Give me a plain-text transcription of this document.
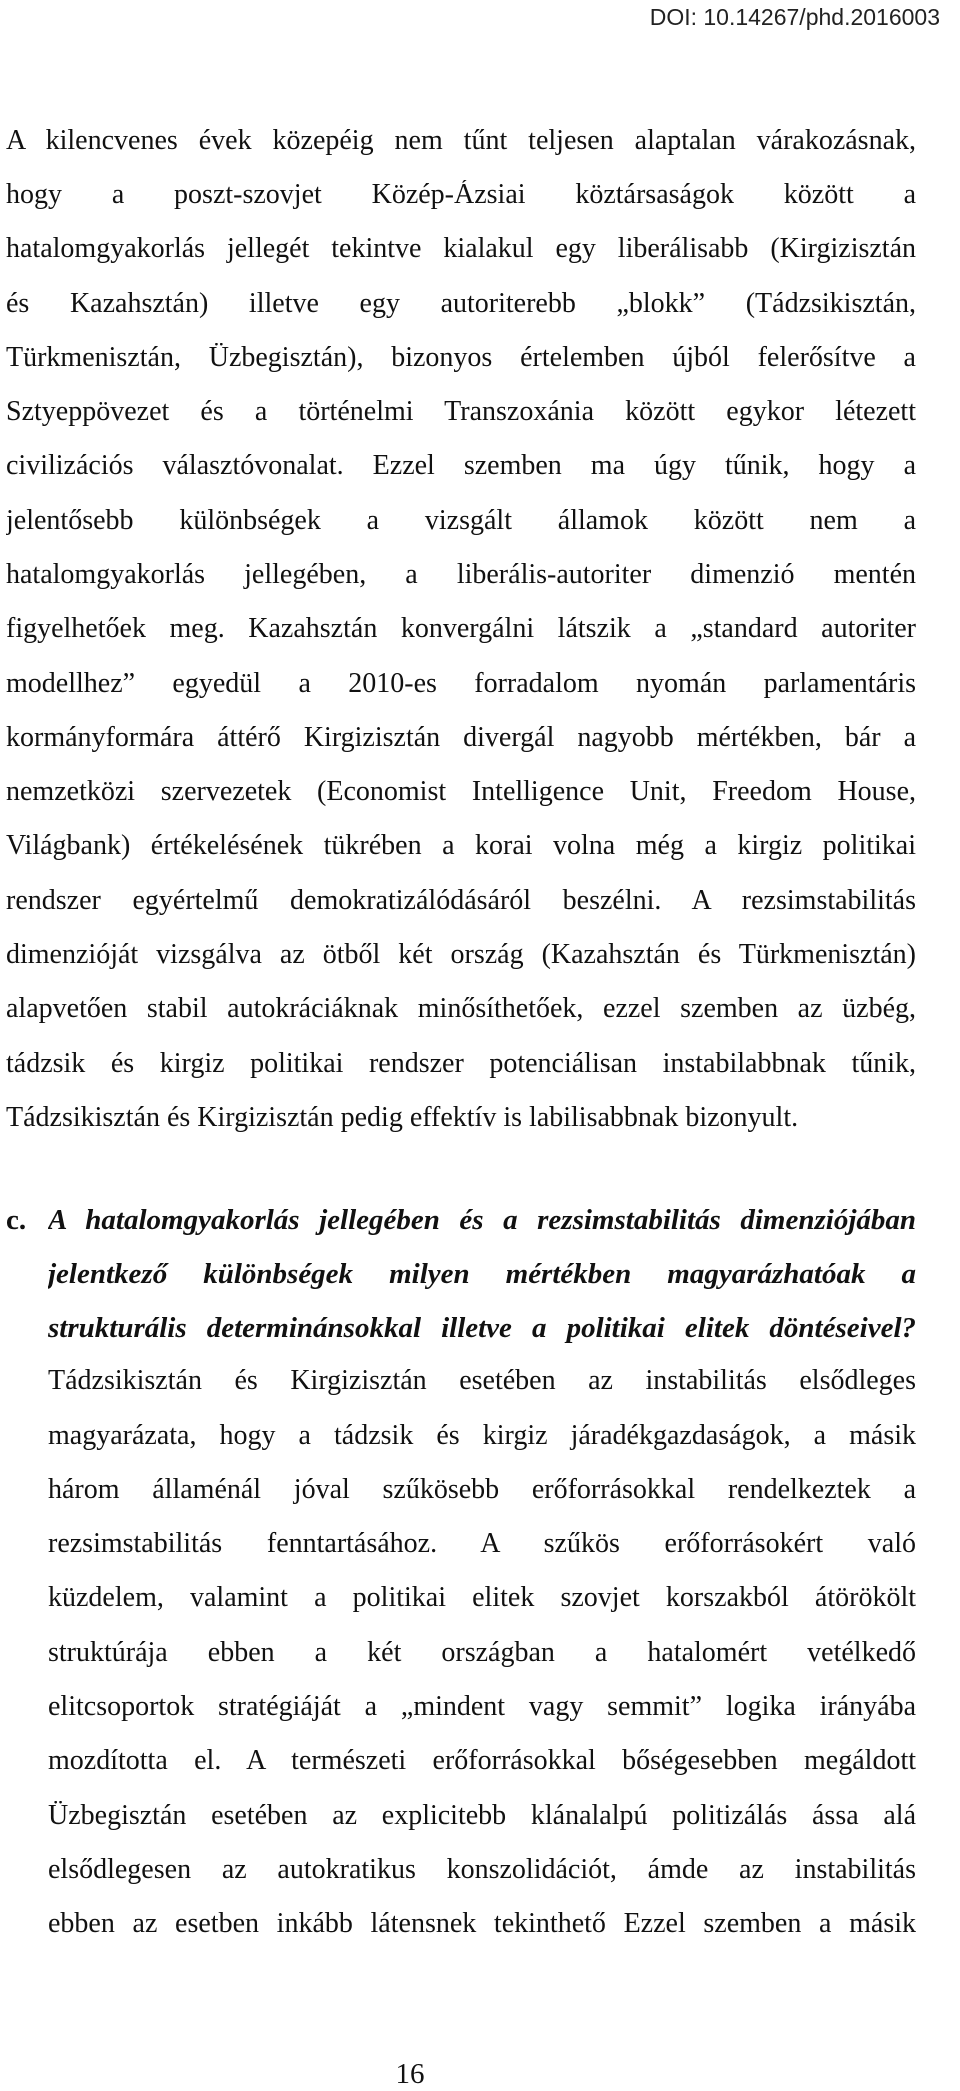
DOI: 10.14267/phd.2016003

A kilencvenes évek közepéig nem tűnt teljesen alaptalan várakozásnak,

hogy a poszt-szovjet Közép-Ázsiai köztársaságok között a

hatalomgyakorlás jellegét tekintve kialakul egy liberálisabb (Kirgizisztán

és Kazahsztán) illetve egy autoriterebb „blokk” (Tádzsikisztán,

Türkmenisztán, Üzbegisztán), bizonyos értelemben újból felerősítve a

Sztyeppövezet és a történelmi Transzoxánia között egykor létezett

civilizációs választóvonalat. Ezzel szemben ma úgy tűnik, hogy a

jelentősebb különbségek a vizsgált államok között nem a

hatalomgyakorlás jellegében, a liberális-autoriter dimenzió mentén

figyelhetőek meg. Kazahsztán konvergálni látszik a „standard autoriter

modellhez” egyedül a 2010-es forradalom nyomán parlamentáris

kormányformára áttérő Kirgizisztán divergál nagyobb mértékben, bár a

nemzetközi szervezetek (Economist Intelligence Unit, Freedom House,

Világbank) értékelésének tükrében a korai volna még a kirgiz politikai

rendszer egyértelmű demokratizálódásáról beszélni. A rezsimstabilitás

dimenzióját vizsgálva az ötből két ország (Kazahsztán és Türkmenisztán)

alapvetően stabil autokráciáknak minősíthetőek, ezzel szemben az üzbég,

tádzsik és kirgiz politikai rendszer potenciálisan instabilabbnak tűnik,

Tádzsikisztán és Kirgizisztán pedig effektív is labilisabbnak bizonyult.

c. A hatalomgyakorlás jellegében és a rezsimstabilitás dimenziójában

jelentkező különbségek milyen mértékben magyarázhatóak a

strukturális determinánsokkal illetve a politikai elitek döntéseivel?

Tádzsikisztán és Kirgizisztán esetében az instabilitás elsődleges

magyarázata, hogy a tádzsik és kirgiz járadékgazdaságok, a másik

három államénál jóval szűkösebb erőforrásokkal rendelkeztek a

rezsimstabilitás fenntartásához. A szűkös erőforrásokért való

küzdelem, valamint a politikai elitek szovjet korszakból átörökölt

struktúrája ebben a két országban a hatalomért vetélkedő

elitcsoportok stratégiáját a „mindent vagy semmit” logika irányába

mozdította el. A természeti erőforrásokkal bőségesebben megáldott

Üzbegisztán esetében az explicitebb klánalalpú politizálás ássa alá

elsődlegesen az autokratikus konszolidációt, ámde az instabilitás

ebben az esetben inkább látensnek tekinthető Ezzel szemben a másik

16
